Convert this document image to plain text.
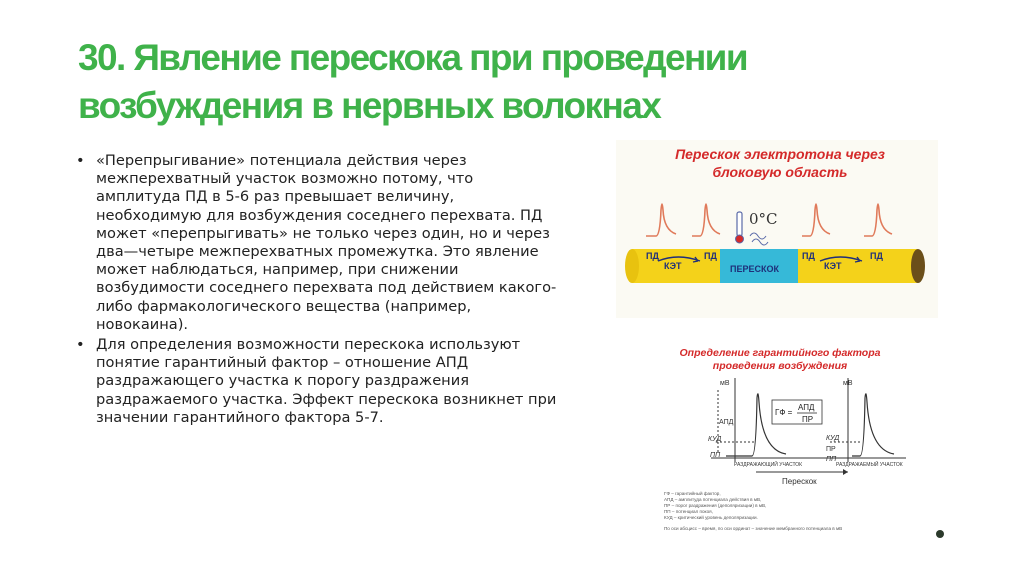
30. Явление перескока при проведении
возбуждения в нервных волокнах
• «Перепрыгивание» потенциала действия через межперехватный участок возможно потому, что амплитуда ПД в 5-6 раз превышает величину, необходимую для возбуждения соседнего перехвата. ПД может «перепрыгивать» не только через один, но и через два—четыре межперехватных промежутка. Это явление может наблюдаться, например, при снижении возбудимости соседнего перехвата под действием какого-либо фармакологического вещества (например, новокаина).
• Для определения возможности перескока используют понятие гарантийный фактор – отношение АПД раздражающего участка к порогу раздражения раздражаемого участка. Эффект перескока возникнет при значении гарантийного фактора 5-7.
Перескок электротона через
блоковую область
0°С
ПД
КЭТ
ПД
ПЕРЕСКОК
ПД
КЭТ
ПД
Определение гарантийного фактора
проведения возбуждения
мВ	мВ
АПД
КУД
ПП
ГФ =
АПД
ПР
КУД
ПР
ПП
РАЗДРАЖАЮЩИЙ УЧАСТОК	РАЗДРАЖАЕМЫЙ УЧАСТОК
Перескок
ГФ – гарантийный фактор,
АПД – амплитуда потенциала действия в мВ,
ПР – порог раздражения (деполяризации) в мВ,
ПП – потенциал покоя,
КУД – критический уровень деполяризации.
По оси абсцисс – время, по оси ординат – значение мембранного потенциала в мВ
